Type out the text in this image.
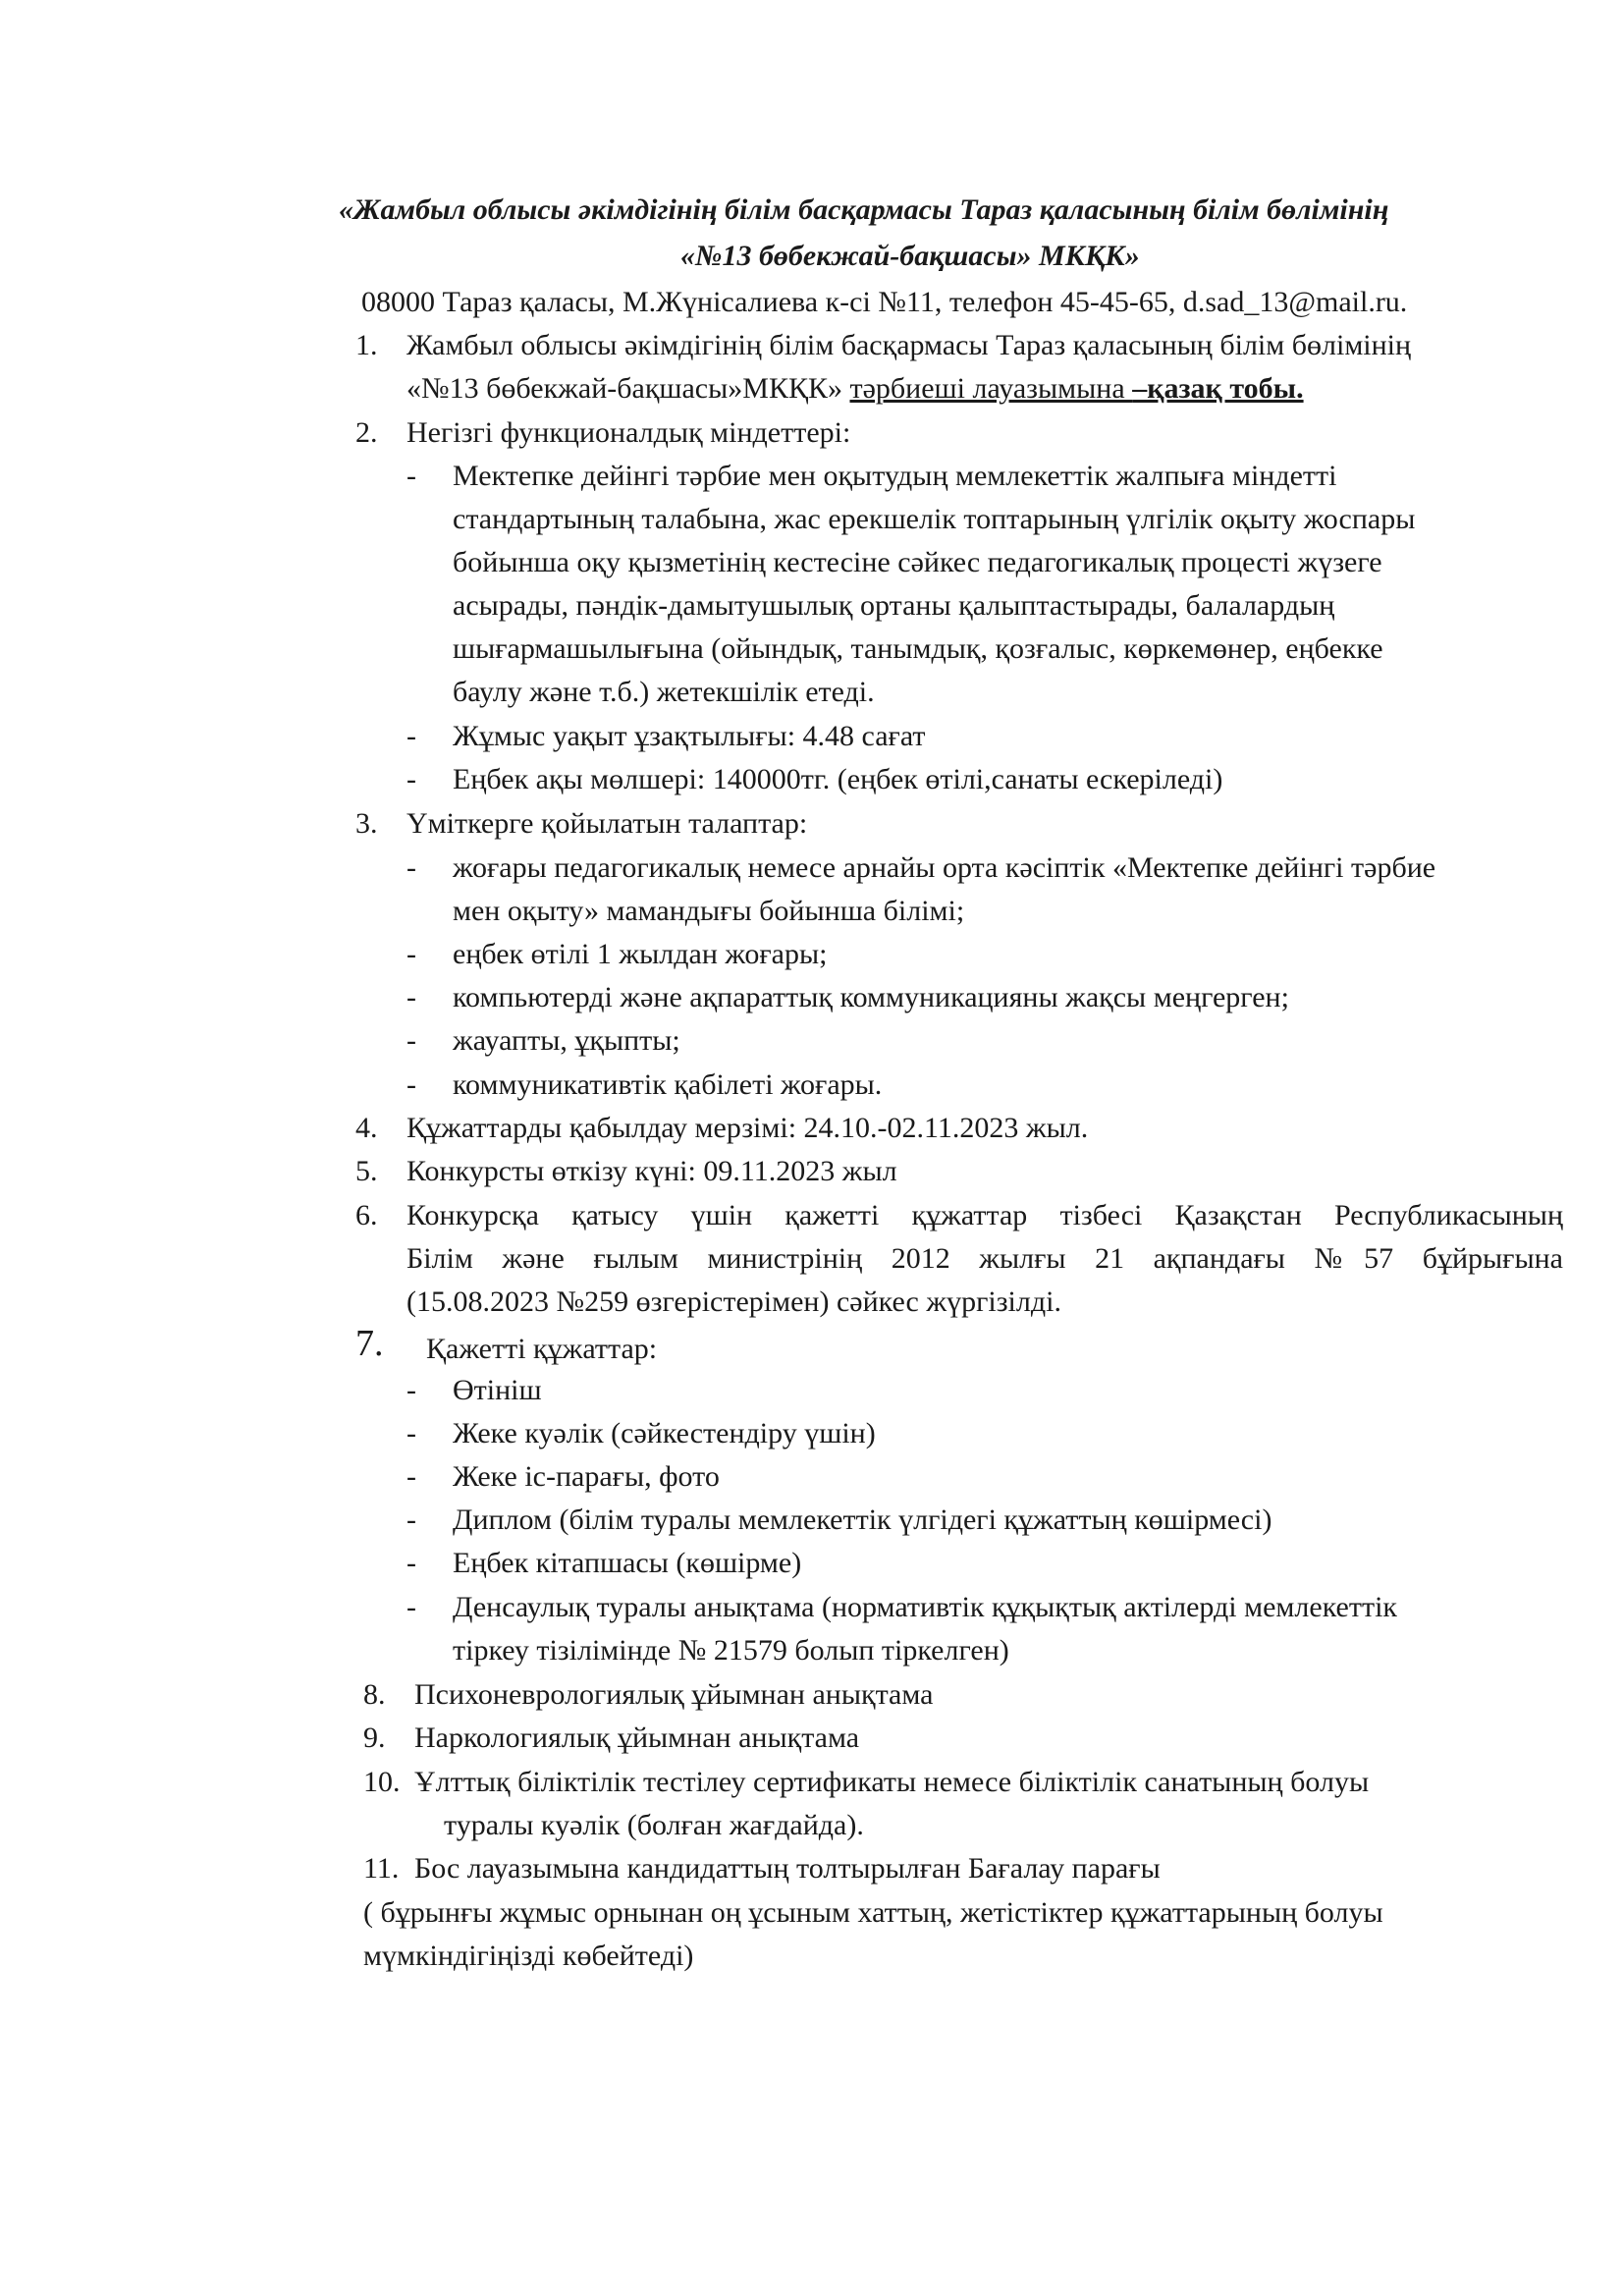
«Жамбыл облысы әкімдігінің білім басқармасы Тараз қаласының білім бөлімінің
«№13 бөбекжай-бақшасы» МКҚК»
08000 Тараз қаласы, М.Жүнісалиева к-сі №11, телефон 45-45-65, d.sad_13@mail.ru.
1. Жамбыл облысы әкімдігінің білім басқармасы Тараз қаласының білім бөлімінің
«№13 бөбекжай-бақшасы»МКҚК» тәрбиеші лауазымына –қазақ тобы.
2. Негізгі функционалдық міндеттері:
- Мектепке дейінгі тәрбие мен оқытудың мемлекеттік жалпыға міндетті
стандартының талабына, жас ерекшелік топтарының үлгілік оқыту жоспары
бойынша оқу қызметінің кестесіне сәйкес педагогикалық процесті жүзеге
асырады, пәндік-дамытушылық ортаны қалыптастырады, балалардың
шығармашылығына (ойындық, танымдық, қозғалыс, көркемөнер, еңбекке
баулу және т.б.) жетекшілік етеді.
- Жұмыс уақыт ұзақтылығы: 4.48 сағат
- Еңбек ақы мөлшері: 140000тг. (еңбек өтілі,санаты ескеріледі)
3. Үміткерге қойылатын талаптар:
- жоғары педагогикалық немесе арнайы орта кәсіптік «Мектепке дейінгі тәрбие
мен оқыту» мамандығы бойынша білімі;
- еңбек өтілі 1 жылдан жоғары;
- компьютерді және ақпараттық коммуникацияны жақсы меңгерген;
- жауапты, ұқыпты;
- коммуникативтік қабілеті жоғары.
4. Құжаттарды қабылдау мерзімі: 24.10.-02.11.2023 жыл.
5. Конкурсты өткізу күні: 09.11.2023 жыл
6. Конкурсқа қатысу үшін қажетті құжаттар тізбесі Қазақстан Республикасының
Білім және ғылым министрінің 2012 жылғы 21 ақпандағы №57 бұйрығына
(15.08.2023 №259 өзгерістерімен) сәйкес жүргізілді.
7. Қажетті құжаттар:
- Өтініш
- Жеке куәлік (сәйкестендіру үшін)
- Жеке іс-парағы, фото
- Диплом (білім туралы мемлекеттік үлгідегі құжаттың көшірмесі)
- Еңбек кітапшасы (көшірме)
- Денсаулық туралы анықтама (нормативтік құқықтық актілерді мемлекеттік
тіркеу тізілімінде № 21579 болып тіркелген)
8. Психоневрологиялық ұйымнан анықтама
9. Наркологиялық ұйымнан анықтама
10. Ұлттық біліктілік тестілеу сертификаты немесе біліктілік санатының болуы
туралы куәлік (болған жағдайда).
11. Бос лауазымына кандидаттың толтырылған Бағалау парағы
( бұрынғы жұмыс орнынан оң ұсыным хаттың, жетістіктер құжаттарының болуы
мүмкіндігіңізді көбейтеді)
